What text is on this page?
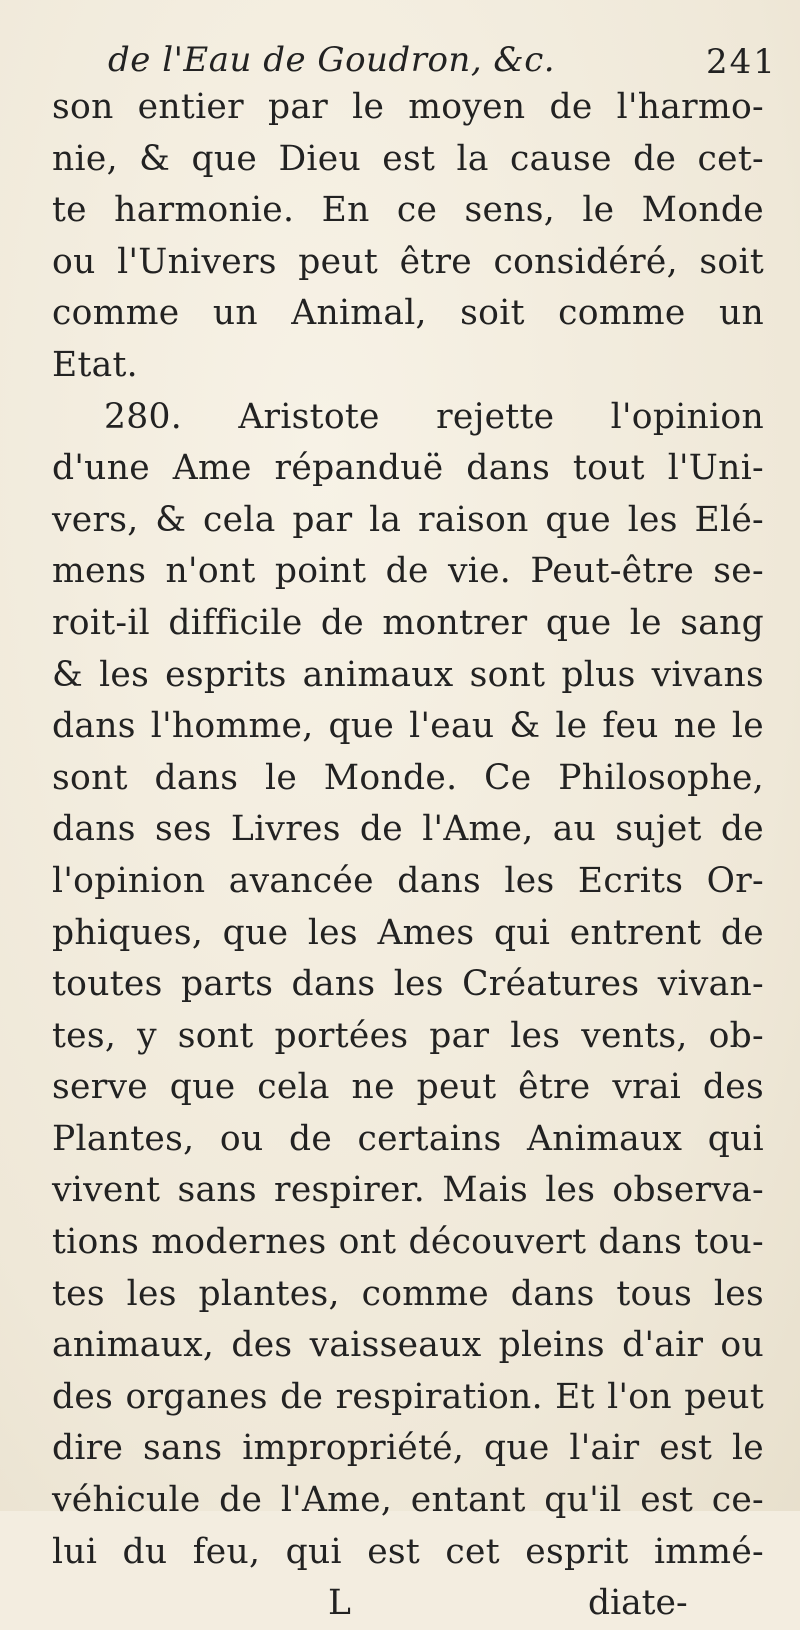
de l'Eau de Goudron, &c.	241
son entier par le moyen de l'harmo-
nie, & que Dieu est la cause de cet-
te harmonie. En ce sens, le Monde
ou l'Univers peut être considéré, soit
comme un Animal, soit comme un
Etat.
280. Aristote rejette l'opinion
d'une Ame répanduë dans tout l'Uni-
vers, & cela par la raison que les Elé-
mens n'ont point de vie. Peut-être se-
roit-il difficile de montrer que le sang
& les esprits animaux sont plus vivans
dans l'homme, que l'eau & le feu ne le
sont dans le Monde. Ce Philosophe,
dans ses Livres de l'Ame, au sujet de
l'opinion avancée dans les Ecrits Or-
phiques, que les Ames qui entrent de
toutes parts dans les Créatures vivan-
tes, y sont portées par les vents, ob-
serve que cela ne peut être vrai des
Plantes, ou de certains Animaux qui
vivent sans respirer. Mais les observa-
tions modernes ont découvert dans tou-
tes les plantes, comme dans tous les
animaux, des vaisseaux pleins d'air ou
des organes de respiration. Et l'on peut
dire sans impropriété, que l'air est le
véhicule de l'Ame, entant qu'il est ce-
lui du feu, qui est cet esprit immé-
L	diate-
